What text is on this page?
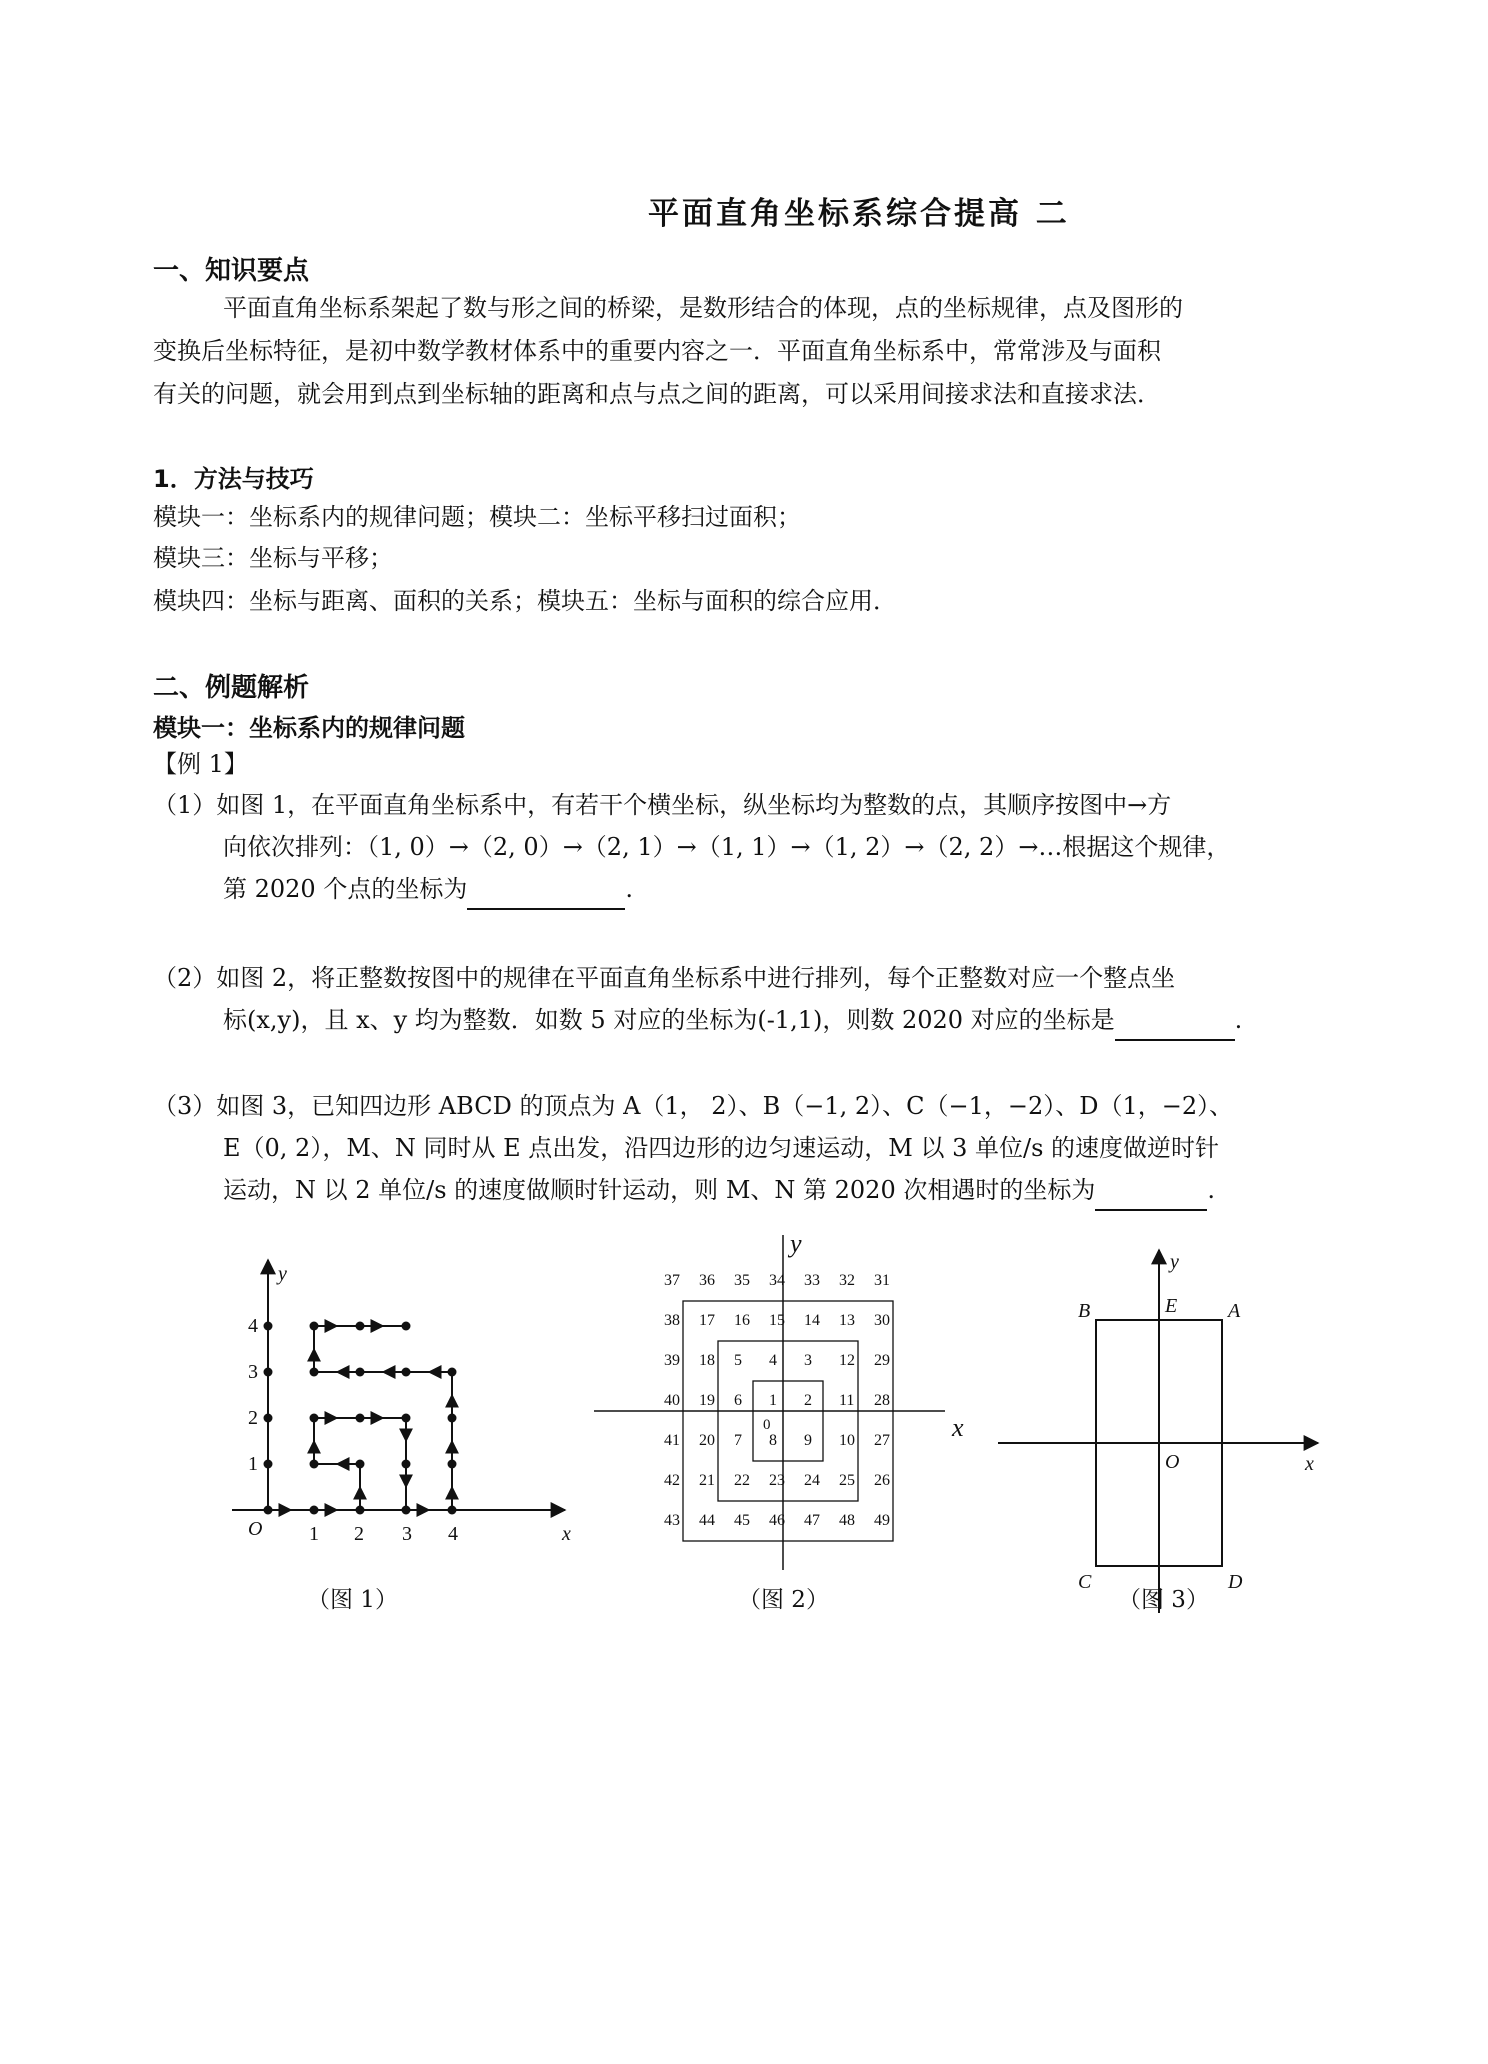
平面直角坐标系综合提高 二
一、知识要点
平面直角坐标系架起了数与形之间的桥梁，是数形结合的体现，点的坐标规律，点及图形的
变换后坐标特征，是初中数学教材体系中的重要内容之一．平面直角坐标系中，常常涉及与面积
有关的问题，就会用到点到坐标轴的距离和点与点之间的距离，可以采用间接求法和直接求法．
1．方法与技巧
模块一：坐标系内的规律问题；模块二：坐标平移扫过面积；
模块三：坐标与平移；
模块四：坐标与距离、面积的关系；模块五：坐标与面积的综合应用．
二、例题解析
模块一：坐标系内的规律问题
【例 1】
（1）如图 1，在平面直角坐标系中，有若干个横坐标，纵坐标均为整数的点，其顺序按图中→方
向依次排列：（1, 0）→（2, 0）→（2, 1）→（1, 1）→（1, 2）→（2, 2）→…根据这个规律，
第 2020 个点的坐标为	.
（2）如图 2，将正整数按图中的规律在平面直角坐标系中进行排列，每个正整数对应一个整点坐
标(x,y)，且 x、y 均为整数．如数 5 对应的坐标为(-1,1)，则数 2020 对应的坐标是	.
（3）如图 3，已知四边形 ABCD 的顶点为 A（1， 2）、B（−1, 2）、C（−1，−2）、D（1，−2）、
E（0, 2），M、N 同时从 E 点出发，沿四边形的边匀速运动，M 以 3 单位/s 的速度做逆时针
运动，N 以 2 单位/s 的速度做顺时针运动，则 M、N 第 2020 次相遇时的坐标为	.
y
x
O 1 2 3 4
1
2
3
4
y
x
0
37 36 35 34 33 32 31
38 17 16 15 14 13 30
39 18 5 4 3 12 29
40 19 6 1 2 11 28
41 20 7 8 9 10 27
42 21 22 23 24 25 26
43 44 45 46 47 48 49
y
x
O
B	E	A
C	D
（图 1）	（图 2）	（图 3）
